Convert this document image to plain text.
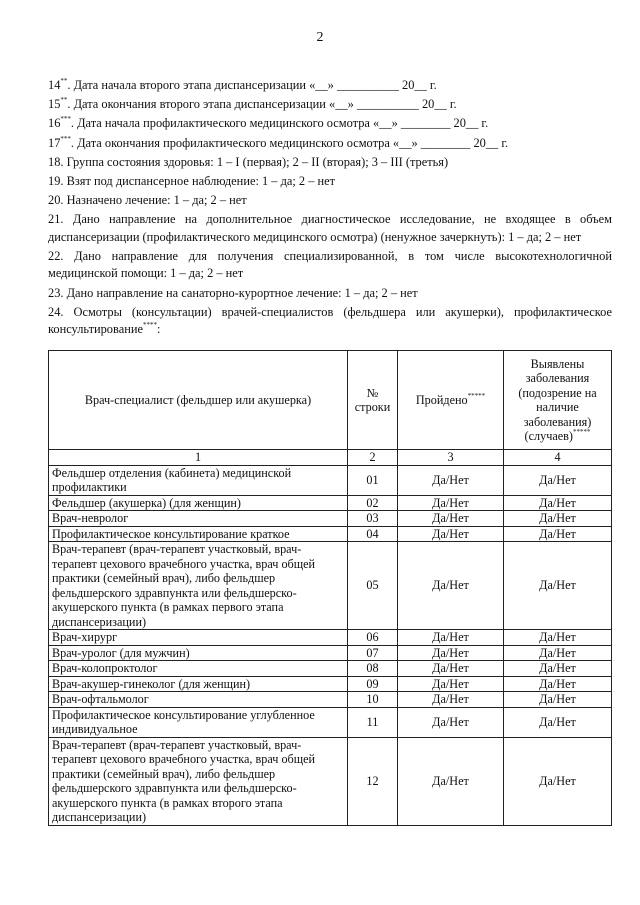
2
14**. Дата начала второго этапа диспансеризации «__» __________ 20__ г.
15**. Дата окончания второго этапа диспансеризации «__» __________ 20__ г.
16***. Дата начала профилактического медицинского осмотра «__» ________ 20__ г.
17***. Дата окончания профилактического медицинского осмотра «__» ________ 20__ г.
18. Группа состояния здоровья: 1 – I (первая); 2 – II (вторая); 3 – III (третья)
19. Взят под диспансерное наблюдение: 1 – да; 2 – нет
20. Назначено лечение: 1 – да; 2 – нет
21. Дано направление на дополнительное диагностическое исследование, не входящее в объем диспансеризации (профилактического медицинского осмотра) (ненужное зачеркнуть): 1 – да; 2 – нет
22. Дано направление для получения специализированной, в том числе высокотехнологичной медицинской помощи: 1 – да; 2 – нет
23. Дано направление на санаторно-курортное лечение: 1 – да; 2 – нет
24. Осмотры (консультации) врачей-специалистов (фельдшера или акушерки), профилактическое консультирование****:
Врач-специалист (фельдшер или акушерка)	№ строки	Пройдено*****	Выявлены заболевания (подозрение на наличие заболевания) (случаев)*****
1	2	3	4
Фельдшер отделения (кабинета) медицинской профилактики	01	Да/Нет	Да/Нет
Фельдшер (акушерка) (для женщин)	02	Да/Нет	Да/Нет
Врач-невролог	03	Да/Нет	Да/Нет
Профилактическое консультирование краткое	04	Да/Нет	Да/Нет
Врач-терапевт (врач-терапевт участковый, врач-терапевт цехового врачебного участка, врач общей практики (семейный врач), либо фельдшер фельдшерского здравпункта или фельдшерско-акушерского пункта (в рамках первого этапа диспансеризации)	05	Да/Нет	Да/Нет
Врач-хирург	06	Да/Нет	Да/Нет
Врач-уролог (для мужчин)	07	Да/Нет	Да/Нет
Врач-колопроктолог	08	Да/Нет	Да/Нет
Врач-акушер-гинеколог (для женщин)	09	Да/Нет	Да/Нет
Врач-офтальмолог	10	Да/Нет	Да/Нет
Профилактическое консультирование углубленное индивидуальное	11	Да/Нет	Да/Нет
Врач-терапевт (врач-терапевт участковый, врач-терапевт цехового врачебного участка, врач общей практики (семейный врач), либо фельдшер фельдшерского здравпункта или фельдшерско-акушерского пункта (в рамках второго этапа диспансеризации)	12	Да/Нет	Да/Нет
